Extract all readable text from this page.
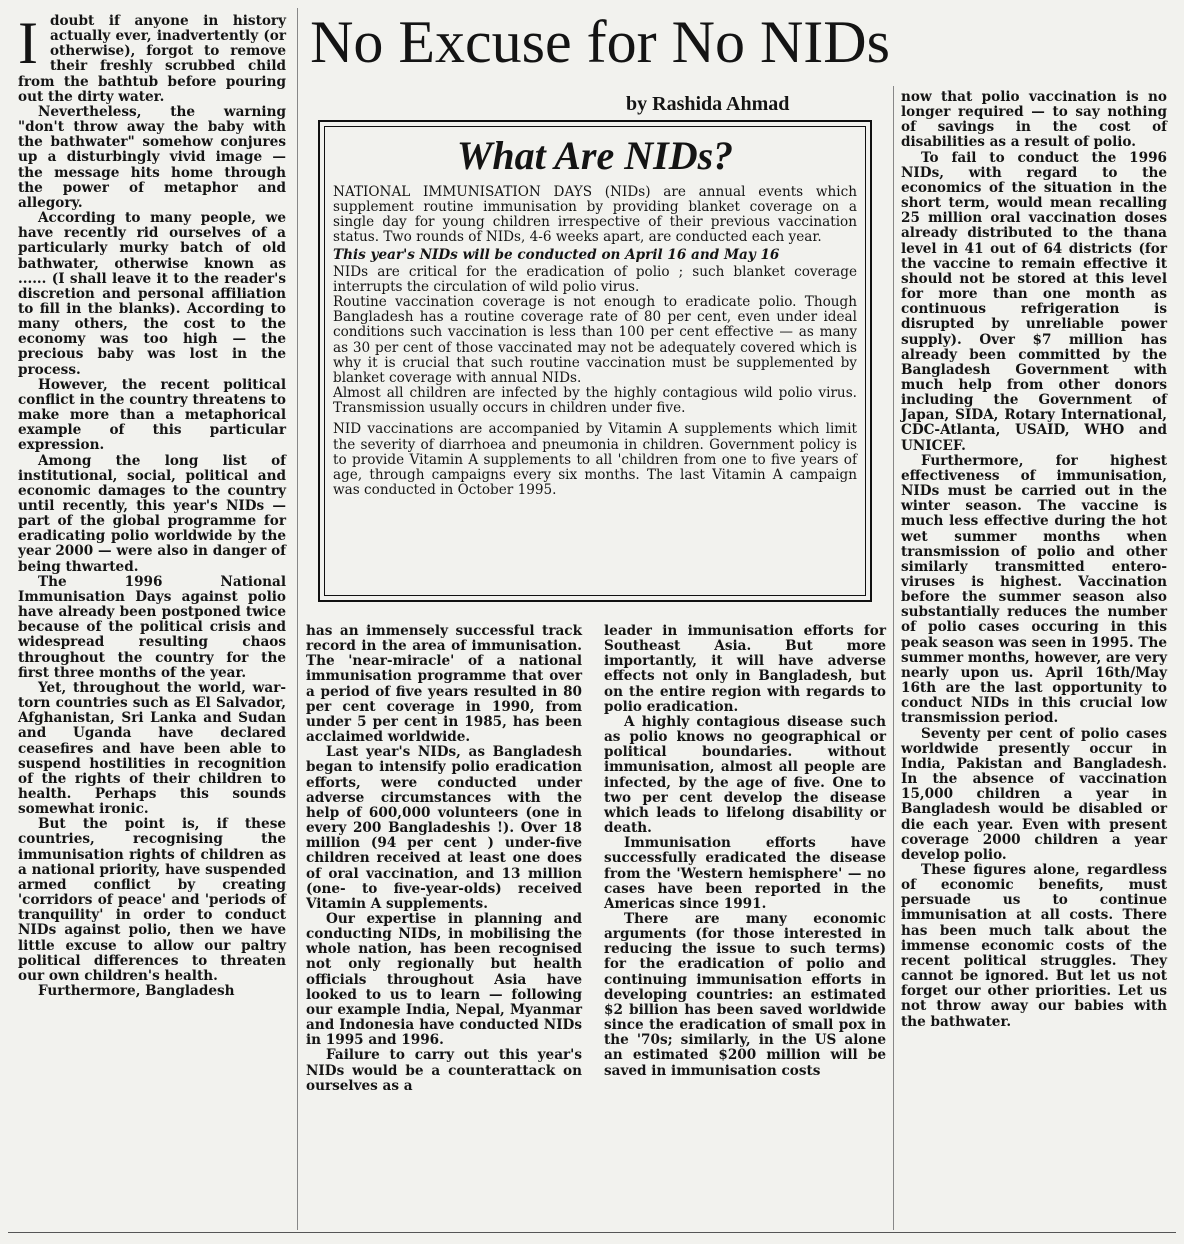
No Excuse for No NIDs
by Rashida Ahmad
I doubt if anyone in history actually ever, inadvertently (or otherwise), forgot to remove their freshly scrubbed child from the bathtub before pouring out the dirty water.

Nevertheless, the warning "don't throw away the baby with the bathwater" somehow conjures up a disturbingly vivid image — the message hits home through the power of metaphor and allegory.

According to many people, we have recently rid ourselves of a particularly murky batch of old bathwater, otherwise known as ...... (I shall leave it to the reader's discretion and personal affiliation to fill in the blanks). According to many others, the cost to the economy was too high — the precious baby was lost in the process.

However, the recent political conflict in the country threatens to make more than a metaphorical example of this particular expression.

Among the long list of institutional, social, political and economic damages to the country until recently, this year's NIDs — part of the global programme for eradicating polio worldwide by the year 2000 — were also in danger of being thwarted.

The 1996 National Immunisation Days against polio have already been postponed twice because of the political crisis and widespread resulting chaos throughout the country for the first three months of the year.

Yet, throughout the world, war-torn countries such as El Salvador, Afghanistan, Sri Lanka and Sudan and Uganda have declared ceasefires and have been able to suspend hostilities in recognition of the rights of their children to health. Perhaps this sounds somewhat ironic.

But the point is, if these countries, recognising the immunisation rights of children as a national priority, have suspended armed conflict by creating 'corridors of peace' and 'periods of tranquility' in order to conduct NIDs against polio, then we have little excuse to allow our paltry political differences to threaten our own children's health.

Furthermore, Bangladesh

What Are NIDs?

NATIONAL IMMUNISATION DAYS (NIDs) are annual events which supplement routine immunisation by providing blanket coverage on a single day for young children irrespective of their previous vaccination status. Two rounds of NIDs, 4-6 weeks apart, are conducted each year.

This year's NIDs will be conducted on April 16 and May 16

NIDs are critical for the eradication of polio ; such blanket coverage interrupts the circulation of wild polio virus.

Routine vaccination coverage is not enough to eradicate polio. Though Bangladesh has a routine coverage rate of 80 per cent, even under ideal conditions such vaccination is less than 100 per cent effective — as many as 30 per cent of those vaccinated may not be adequately covered which is why it is crucial that such routine vaccination must be supplemented by blanket coverage with annual NIDs.

Almost all children are infected by the highly contagious wild polio virus. Transmission usually occurs in children under five.

NID vaccinations are accompanied by Vitamin A supplements which limit the severity of diarrhoea and pneumonia in children. Government policy is to provide Vitamin A supplements to all 'children from one to five years of age, through campaigns every six months. The last Vitamin A campaign was conducted in October 1995.

has an immensely successful track record in the area of immunisation. The 'near-miracle' of a national immunisation programme that over a period of five years resulted in 80 per cent coverage in 1990, from under 5 per cent in 1985, has been acclaimed worldwide.

Last year's NIDs, as Bangladesh began to intensify polio eradication efforts, were conducted under adverse circumstances with the help of 600,000 volunteers (one in every 200 Bangladeshis !). Over 18 million (94 per cent ) under-five children received at least one does of oral vaccination, and 13 million (one- to five-year-olds) received Vitamin A supplements.

Our expertise in planning and conducting NIDs, in mobilising the whole nation, has been recognised not only regionally but health officials throughout Asia have looked to us to learn — following our example India, Nepal, Myanmar and Indonesia have conducted NIDs in 1995 and 1996.

Failure to carry out this year's NIDs would be a counterattack on ourselves as a

leader in immunisation efforts for Southeast Asia. But more importantly, it will have adverse effects not only in Bangladesh, but on the entire region with regards to polio eradication.

A highly contagious disease such as polio knows no geographical or political boundaries. without immunisation, almost all people are infected, by the age of five. One to two per cent develop the disease which leads to lifelong disability or death.

Immunisation efforts have successfully eradicated the disease from the 'Western hemisphere' — no cases have been reported in the Americas since 1991.

There are many economic arguments (for those interested in reducing the issue to such terms) for the eradication of polio and continuing immunisation efforts in developing countries: an estimated $2 billion has been saved worldwide since the eradication of small pox in the '70s; similarly, in the US alone an estimated $200 million will be saved in immunisation costs

now that polio vaccination is no longer required — to say nothing of savings in the cost of disabilities as a result of polio.

To fail to conduct the 1996 NIDs, with regard to the economics of the situation in the short term, would mean recalling 25 million oral vaccination doses already distributed to the thana level in 41 out of 64 districts (for the vaccine to remain effective it should not be stored at this level for more than one month as continuous refrigeration is disrupted by unreliable power supply). Over $7 million has already been committed by the Bangladesh Government with much help from other donors including the Government of Japan, SIDA, Rotary International, CDC-Atlanta, USAID, WHO and UNICEF.

Furthermore, for highest effectiveness of immunisation, NIDs must be carried out in the winter season. The vaccine is much less effective during the hot wet summer months when transmission of polio and other similarly transmitted entero-viruses is highest. Vaccination before the summer season also substantially reduces the number of polio cases occuring in this peak season was seen in 1995. The summer months, however, are very nearly upon us. April 16th/May 16th are the last opportunity to conduct NIDs in this crucial low transmission period.

Seventy per cent of polio cases worldwide presently occur in India, Pakistan and Bangladesh. In the absence of vaccination 15,000 children a year in Bangladesh would be disabled or die each year. Even with present coverage 2000 children a year develop polio.

These figures alone, regardless of economic benefits, must persuade us to continue immunisation at all costs. There has been much talk about the immense economic costs of the recent political struggles. They cannot be ignored. But let us not forget our other priorities. Let us not throw away our babies with the bathwater.
